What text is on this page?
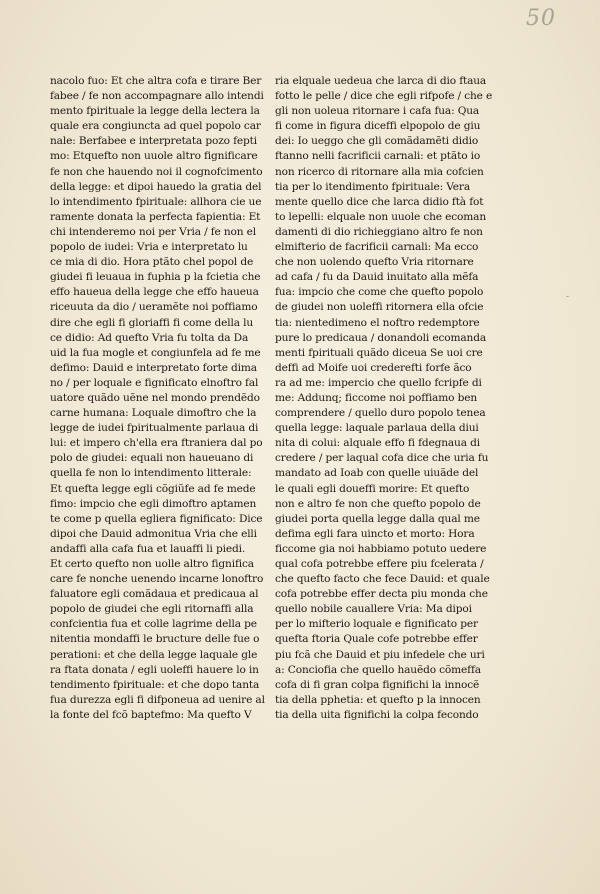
50
-
nacolo fuo: Et che altra cofa e tirare Ber
fabee / fe non accompagnare allo intendi
mento fpirituale la legge della lectera la
quale era congiuncta ad quel popolo car
nale: Berfabee e interpretata pozo fepti
mo: Etquefto non uuole altro fignificare
fe non che hauendo noi il cognofcimento
della legge: et dipoi hauedo la gratia del
lo intendimento fpirituale: allhora cie ue
ramente donata la perfecta fapientia: Et
chi intenderemo noi per Vria / fe non el
popolo de iudei: Vria e interpretato lu
ce mia di dio. Hora ptãto chel popol de
giudei fi leuaua in fuphia p la fcietia che
effo haueua della legge che effo haueua
riceuuta da dio / ueramẽte noi poffiamo
dire che egli fi gloriaffi fi come della lu
ce didio: Ad quefto Vria fu tolta da Da
uid la fua mogle et congiunfela ad fe me
defimo: Dauid e interpretato forte dima
no / per loquale e fignificato elnoftro fal
uatore quãdo uẽne nel mondo prendẽdo
carne humana: Loquale dimoftro che la
legge de iudei fpiritualmente parlaua di
lui: et impero ch'ella era ftraniera dal po
polo de giudei: equali non haueuano di
quella fe non lo intendimento litterale:
Et quefta legge egli cõgiũfe ad fe mede
fimo: impcio che egli dimoftro aptamen
te come p quella egliera fignificato: Dice
dipoi che Dauid admonitua Vria che elli
andaffi alla cafa fua et lauaffi li piedi.
Et certo quefto non uolle altro fignifica
care fe nonche uenendo incarne lonoftro
faluatore egli comãdaua et predicaua al
popolo de giudei che egli ritornaffi alla
confcientia fua et colle lagrime della pe
nitentia mondaffi le bructure delle fue o
perationi: et che della legge laquale gle
ra ftata donata / egli uoleffi hauere lo in
tendimento fpirituale: et che dopo tanta
fua durezza egli fi difponeua ad uenire al
la fonte del fcõ baptefmo: Ma quefto V
ria elquale uedeua che larca di dio ftaua
fotto le pelle / dice che egli rifpofe / che e
gli non uoleua ritornare i cafa fua: Qua
fi come in figura diceffi elpopolo de giu
dei: Io ueggo che gli comãdamẽti didio
ftanno nelli facrificii carnali: et ptãto io
non ricerco di ritornare alla mia cofcien
tia per lo itendimento fpirituale: Vera
mente quello dice che larca didio ftà fot
to lepelli: elquale non uuole che ecoman
damenti di dio richieggiano altro fe non
elmifterio de facrificii carnali: Ma ecco
che non uolendo quefto Vria ritornare
ad cafa / fu da Dauid inuitato alla mẽfa
fua: impcio che come che quefto popolo
de giudei non uoleffi ritornera ella ofcie
tia: nientedimeno el noftro redemptore
pure lo predicaua / donandoli ecomanda
menti fpirituali quãdo diceua Se uoi cre
deffi ad Moife uoi crederefti forfe ãco
ra ad me: impercio che quello fcripfe di
me: Addunq; ficcome noi poffiamo ben
comprendere / quello duro popolo tenea
quella legge: laquale parlaua della diui
nita di colui: alquale effo fi fdegnaua di
credere / per laqual cofa dice che uria fu
mandato ad Ioab con quelle uiuãde del
le quali egli doueffi morire: Et quefto
non e altro fe non che quefto popolo de
giudei porta quella legge dalla qual me
defima egli fara uincto et morto: Hora
ficcome gia noi habbiamo potuto uedere
qual cofa potrebbe effere piu fcelerata /
che quefto facto che fece Dauid: et quale
cofa potrebbe effer decta piu monda che
quello nobile cauallere Vria: Ma dipoi
per lo mifterio loquale e fignificato per
quefta ftoria Quale cofe potrebbe effer
piu fcã che Dauid et piu infedele che uri
a: Conciofia che quello hauẽdo cõmeffa
cofa di fi gran colpa fignifichi la innocẽ
tia della pphetia: et quefto p la innocen
tia della uita fignifichi la colpa fecondo
